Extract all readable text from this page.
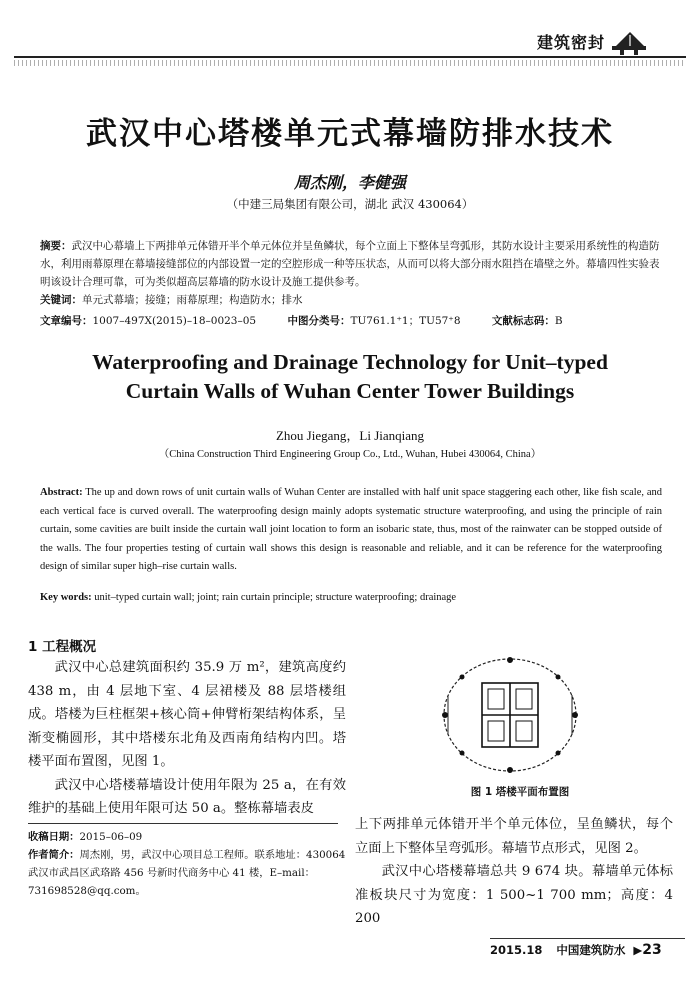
建筑密封
武汉中心塔楼单元式幕墙防排水技术
周杰刚，李健强
（中建三局集团有限公司，湖北 武汉 430064）
摘要：武汉中心幕墙上下两排单元体错开半个单元体位并呈鱼鳞状，每个立面上下整体呈弯弧形，其防水设计主要采用系统性的构造防水，利用雨幕原理在幕墙接缝部位的内部设置一定的空腔形成一种等压状态，从而可以将大部分雨水阻挡在墙壁之外。幕墙四性实验表明该设计合理可靠，可为类似超高层幕墙的防水设计及施工提供参考。
关键词：单元式幕墙；接缝；雨幕原理；构造防水；排水
文章编号：1007–497X(2015)–18–0023–05	中图分类号：TU761.1⁺1；TU57⁺8	文献标志码：B
Waterproofing and Drainage Technology for Unit–typed
Curtain Walls of Wuhan Center Tower Buildings
Zhou Jiegang，Li Jianqiang
（China Construction Third Engineering Group Co., Ltd., Wuhan, Hubei 430064, China）
Abstract: The up and down rows of unit curtain walls of Wuhan Center are installed with half unit space staggering each other, like fish scale, and each vertical face is curved overall. The waterproofing design mainly adopts systematic structure waterproofing, and using the principle of rain curtain, some cavities are built inside the curtain wall joint location to form an isobaric state, thus, most of the rainwater can be stopped outside of the walls. The four properties testing of curtain wall shows this design is reasonable and reliable, and it can be reference for the waterproofing design of similar super high–rise curtain walls.
Key words: unit–typed curtain wall; joint; rain curtain principle; structure waterproofing; drainage
1 工程概况

武汉中心总建筑面积约 35.9 万 m²，建筑高度约 438 m，由 4 层地下室、4 层裙楼及 88 层塔楼组成。塔楼为巨柱框架+核心筒+伸臂桁架结构体系，呈渐变椭圆形，其中塔楼东北角及西南角结构内凹。塔楼平面布置图，见图 1。

武汉中心塔楼幕墙设计使用年限为 25 a，在有效维护的基础上使用年限可达 50 a。整栋幕墙表皮

收稿日期：2015–06–09
作者简介：周杰刚，男，武汉中心项目总工程师。联系地址：430064 武汉市武昌区武珞路 456 号新时代商务中心 41 楼，E–mail：731698528@qq.com。
图 1 塔楼平面布置图

上下两排单元体错开半个单元体位，呈鱼鳞状，每个立面上下整体呈弯弧形。幕墙节点形式，见图 2。

武汉中心塔楼幕墙总共 9 674 块。幕墙单元体标准板块尺寸为宽度：1 500~1 700 mm；高度：4 200

2015.18 中国建筑防水 ▶23
